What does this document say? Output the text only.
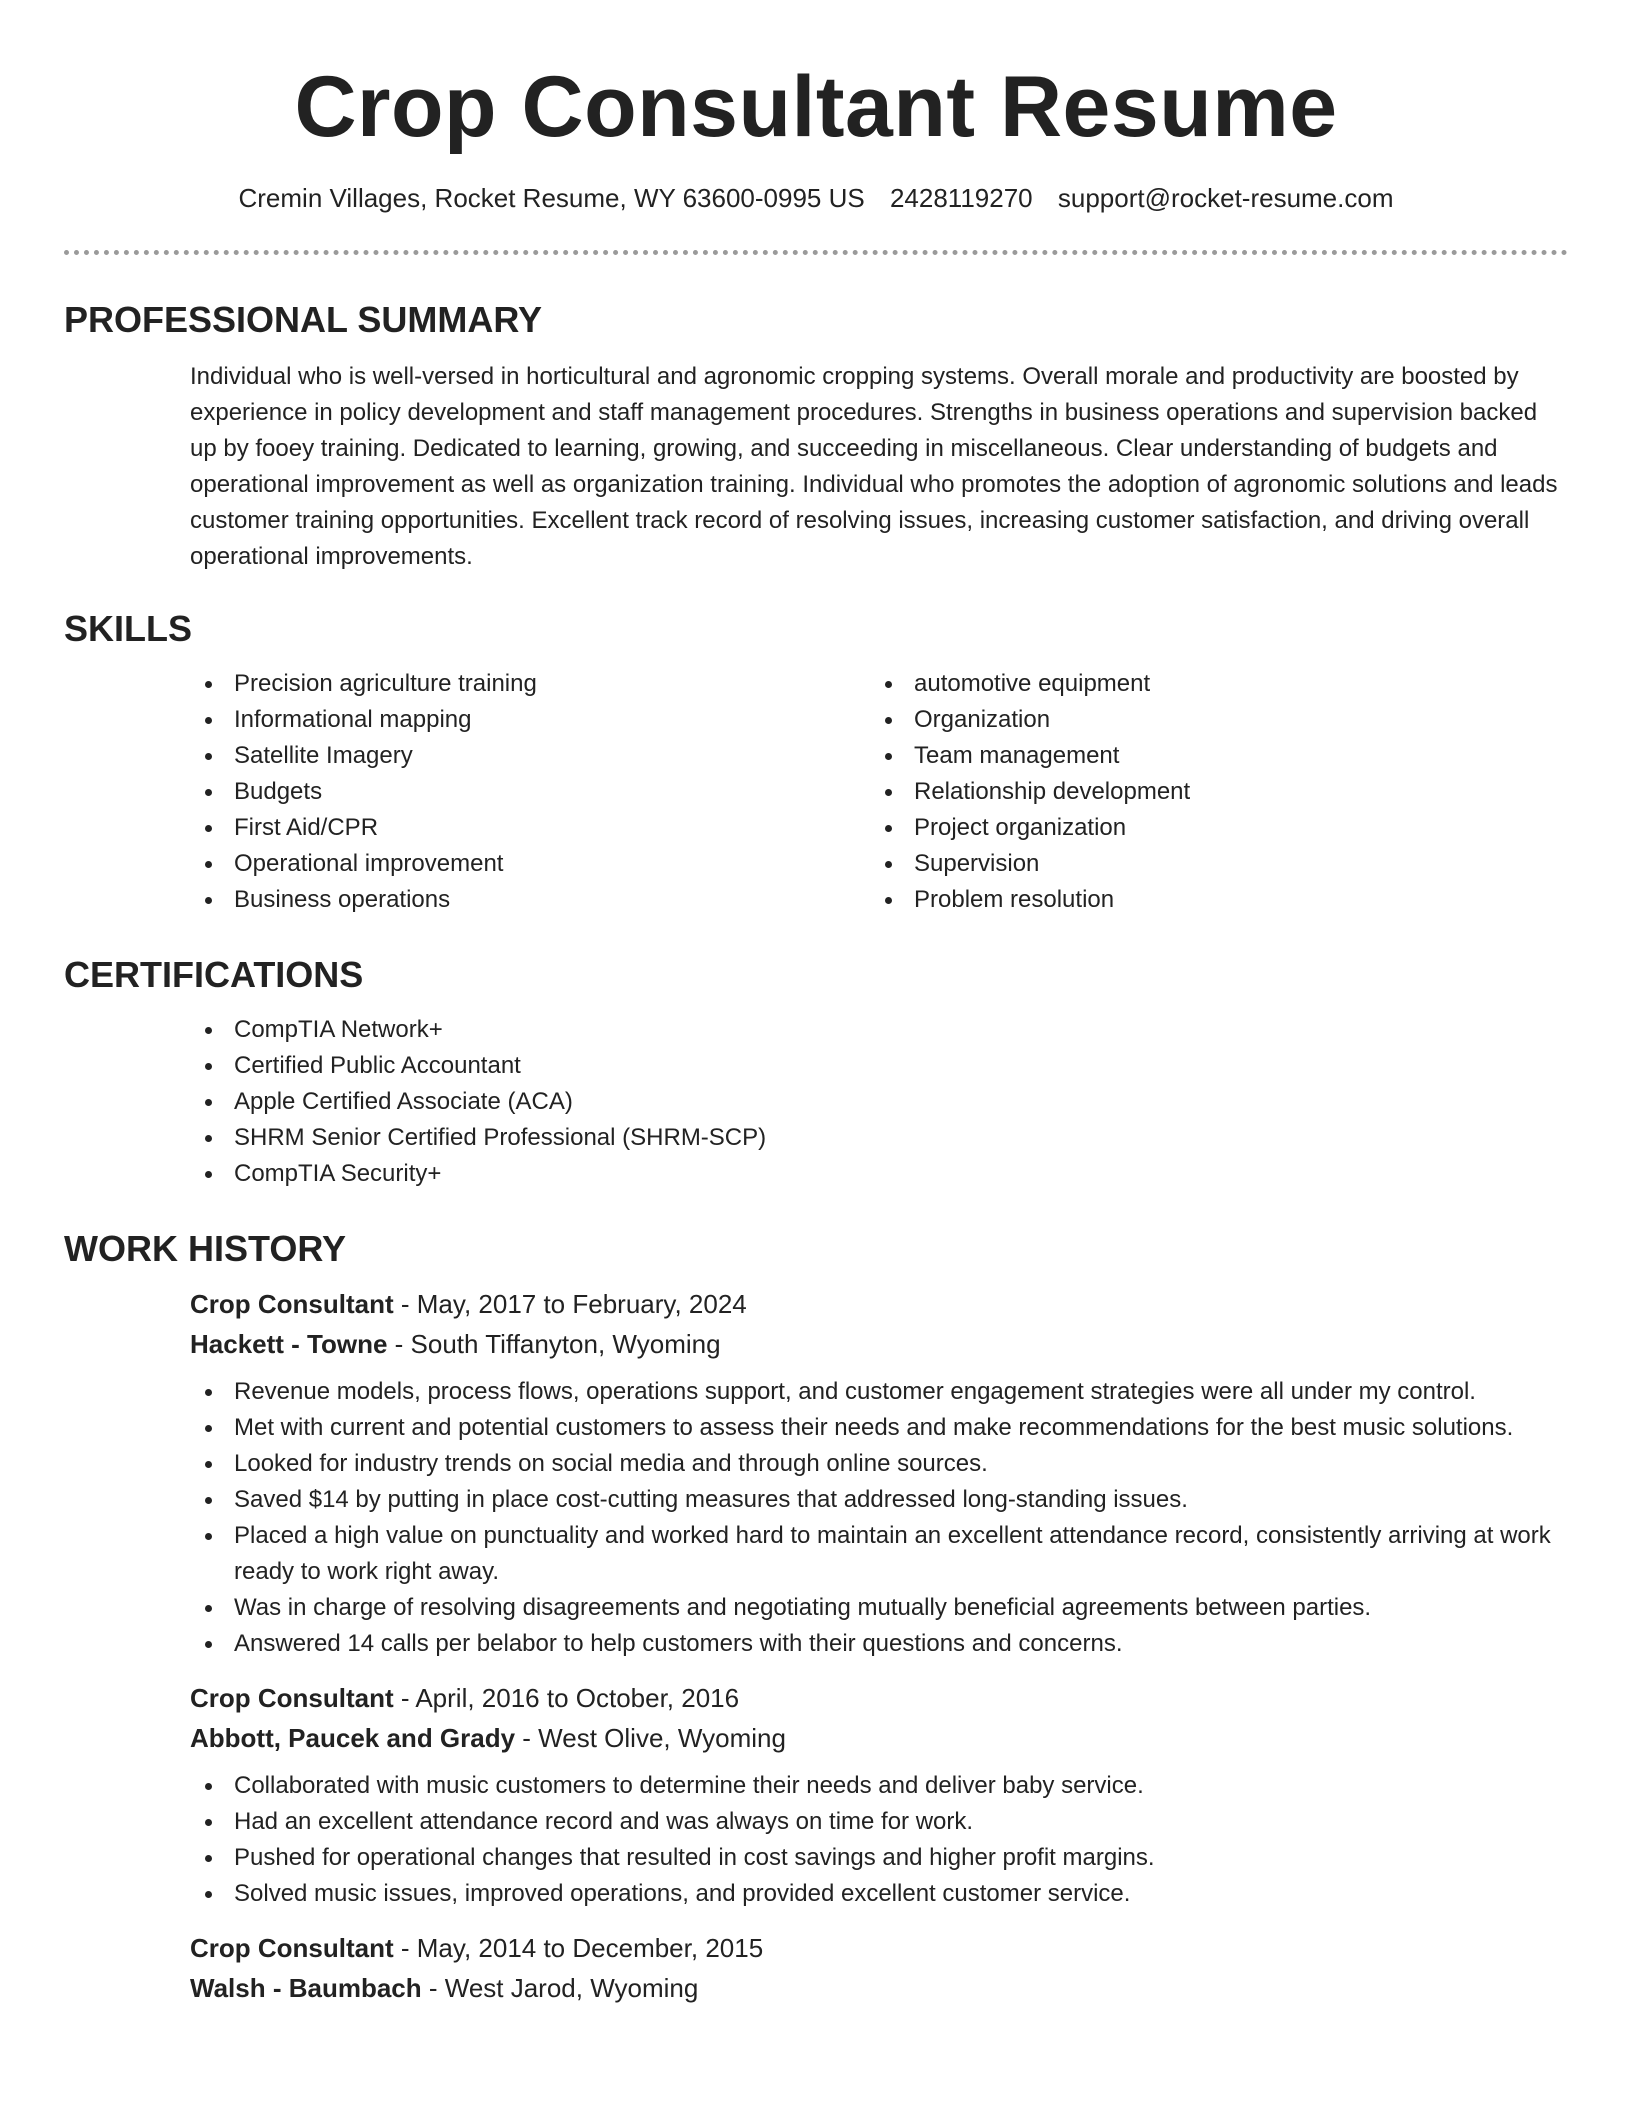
Crop Consultant Resume
Cremin Villages, Rocket Resume, WY 63600-0995 US 2428119270 support@rocket-resume.com
PROFESSIONAL SUMMARY
Individual who is well-versed in horticultural and agronomic cropping systems. Overall morale and productivity are boosted by experience in policy development and staff management procedures. Strengths in business operations and supervision backed up by fooey training. Dedicated to learning, growing, and succeeding in miscellaneous. Clear understanding of budgets and operational improvement as well as organization training. Individual who promotes the adoption of agronomic solutions and leads customer training opportunities. Excellent track record of resolving issues, increasing customer satisfaction, and driving overall operational improvements.
SKILLS
Precision agriculture training
Informational mapping
Satellite Imagery
Budgets
First Aid/CPR
Operational improvement
Business operations
automotive equipment
Organization
Team management
Relationship development
Project organization
Supervision
Problem resolution
CERTIFICATIONS
CompTIA Network+
Certified Public Accountant
Apple Certified Associate (ACA)
SHRM Senior Certified Professional (SHRM-SCP)
CompTIA Security+
WORK HISTORY
Crop Consultant - May, 2017 to February, 2024
Hackett - Towne - South Tiffanyton, Wyoming
Revenue models, process flows, operations support, and customer engagement strategies were all under my control.
Met with current and potential customers to assess their needs and make recommendations for the best music solutions.
Looked for industry trends on social media and through online sources.
Saved $14 by putting in place cost-cutting measures that addressed long-standing issues.
Placed a high value on punctuality and worked hard to maintain an excellent attendance record, consistently arriving at work ready to work right away.
Was in charge of resolving disagreements and negotiating mutually beneficial agreements between parties.
Answered 14 calls per belabor to help customers with their questions and concerns.
Crop Consultant - April, 2016 to October, 2016
Abbott, Paucek and Grady - West Olive, Wyoming
Collaborated with music customers to determine their needs and deliver baby service.
Had an excellent attendance record and was always on time for work.
Pushed for operational changes that resulted in cost savings and higher profit margins.
Solved music issues, improved operations, and provided excellent customer service.
Crop Consultant - May, 2014 to December, 2015
Walsh - Baumbach - West Jarod, Wyoming
